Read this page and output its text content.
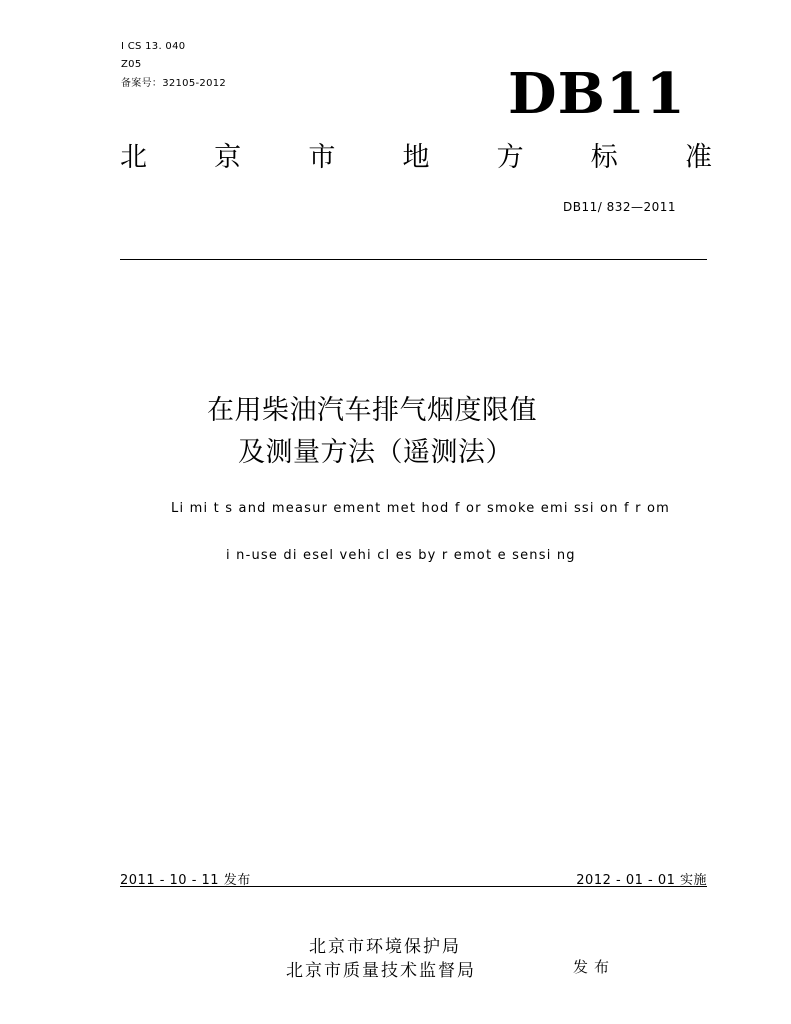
I CS 13. 040
Z05
备案号：32105-2012	DB11
北 京 市 地 方 标 准
DB11/ 832—2011
在用柴油汽车排气烟度限值
及测量方法（遥测法）
Li mi t s and measur ement met hod f or smoke emi ssi on f r om
i n-use di esel vehi cl es by r emot e sensi ng
2011 - 10 - 11 发布	2012 - 01 - 01 实施
北京市环境保护局
北京市质量技术监督局	发布
